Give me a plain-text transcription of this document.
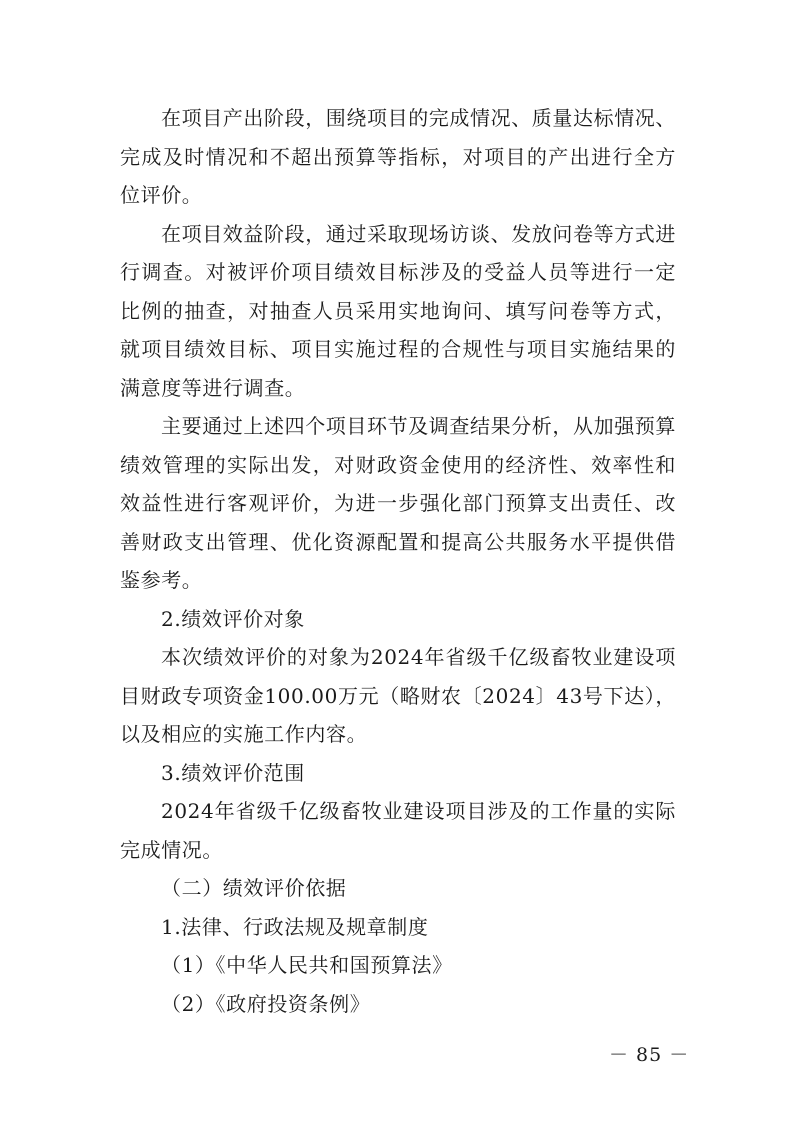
在项目产出阶段，围绕项目的完成情况、质量达标情况、完成及时情况和不超出预算等指标，对项目的产出进行全方位评价。

在项目效益阶段，通过采取现场访谈、发放问卷等方式进行调查。对被评价项目绩效目标涉及的受益人员等进行一定比例的抽查，对抽查人员采用实地询问、填写问卷等方式，就项目绩效目标、项目实施过程的合规性与项目实施结果的满意度等进行调查。

主要通过上述四个项目环节及调查结果分析，从加强预算绩效管理的实际出发，对财政资金使用的经济性、效率性和效益性进行客观评价，为进一步强化部门预算支出责任、改善财政支出管理、优化资源配置和提高公共服务水平提供借鉴参考。

2.绩效评价对象

本次绩效评价的对象为2024年省级千亿级畜牧业建设项目财政专项资金100.00万元（略财农〔2024〕43号下达），以及相应的实施工作内容。

3.绩效评价范围

2024年省级千亿级畜牧业建设项目涉及的工作量的实际完成情况。

（二）绩效评价依据

1.法律、行政法规及规章制度

（1）《中华人民共和国预算法》

（2）《政府投资条例》

－ 85 －
